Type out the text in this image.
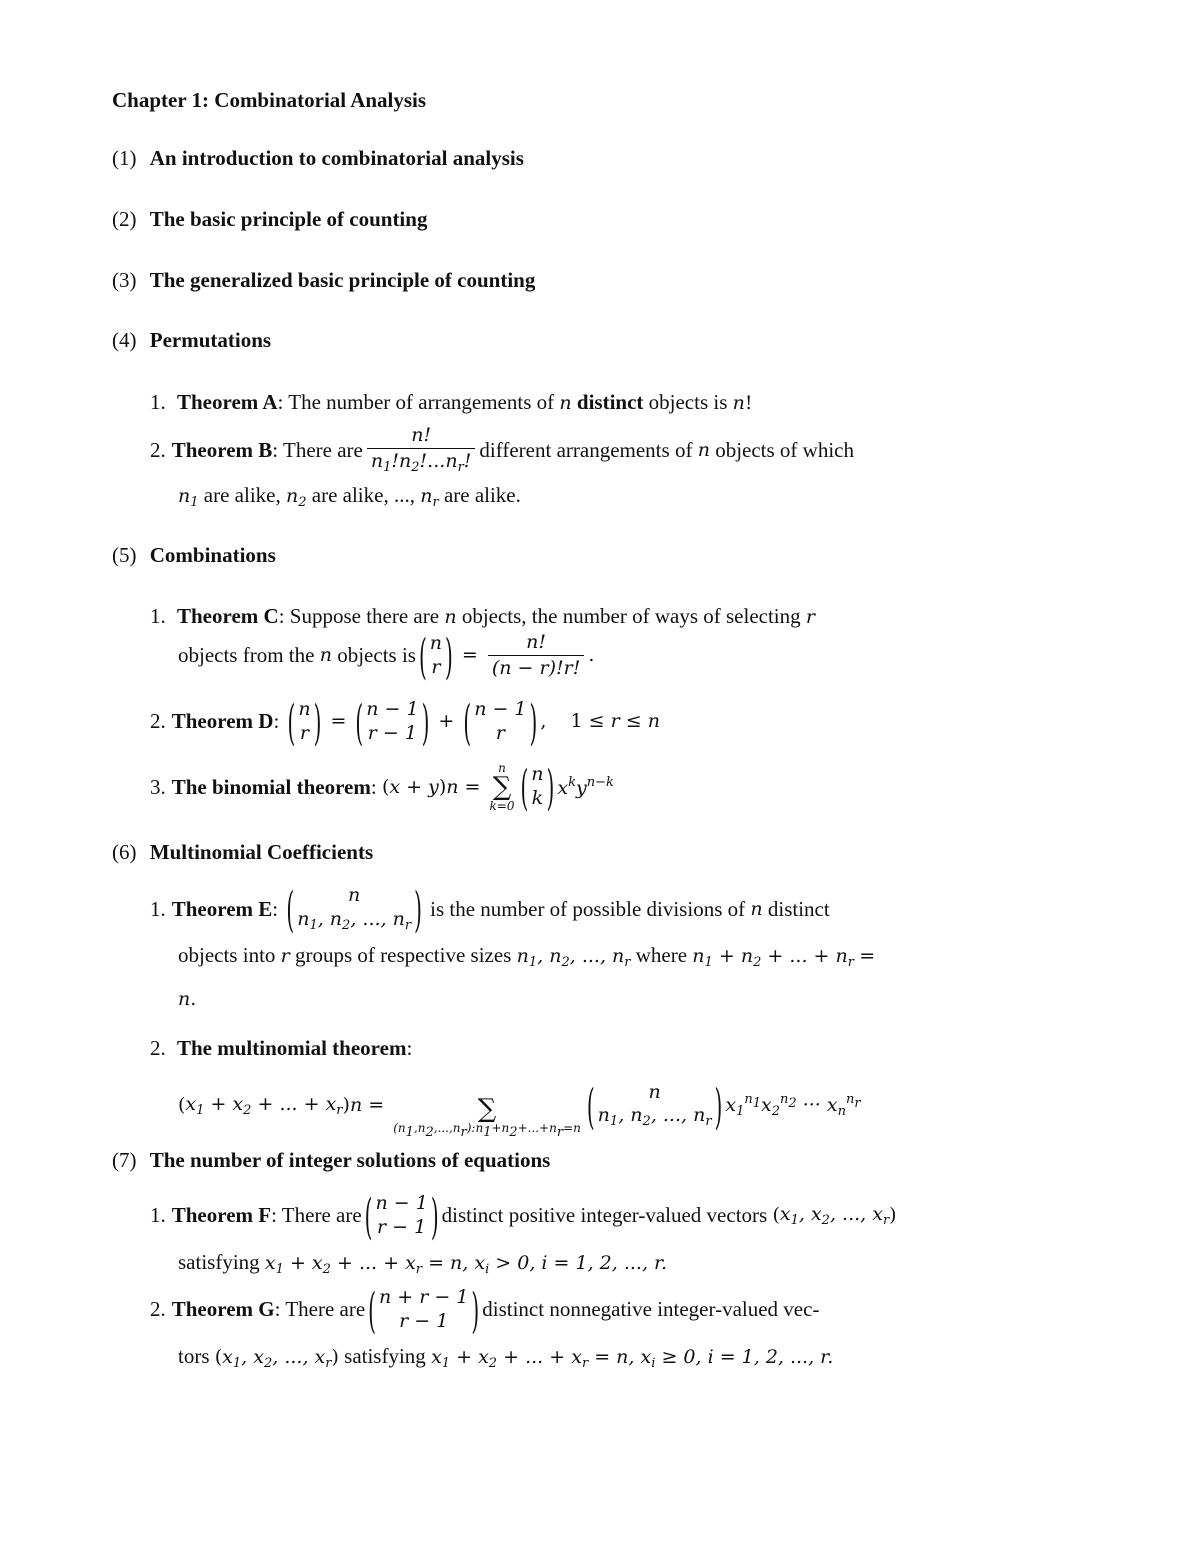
Chapter 1: Combinatorial Analysis
(1) An introduction to combinatorial analysis
(2) The basic principle of counting
(3) The generalized basic principle of counting
(4) Permutations
1. Theorem A: The number of arrangements of n distinct objects is n!
2. Theorem B : There are $\frac{n!}{n_1!n_2!...n_r!}$ different arrangements of
n
objects of which
$n_1$ are alike, $n_2$ are alike, ..., $n_r$ are alike.
(5) Combinations
1. Theorem C: Suppose there are n objects, the number of ways of selecting r
objects from the
n
objects is ( n
r ) = $\frac{n!}{(n - r)!r!}$ .
2. Theorem D :
( n
r ) = ( n − 1
r − 1 ) + ( n − 1
r ) ,    1 ≤ r ≤ n
3. The binomial theorem :
( x + y ) n =
n
∑
k=0 ( n
k ) $x^ky^{n-k}$
(6) Multinomial Coefficients
1. Theorem E :
(	n
$n_1$, $n_2$, ..., $n_r$ )
is the number of possible divisions of
n
distinct
objects into r groups of respective sizes $n_1$, $n_2$, ..., $n_r$ where $n_1 + n_2$ + ... + $n_r$ =
n.
2. The multinomial theorem:
( $x_1 + x_2$ + ... + $x_r$ ) n =	∑
$(n_1,n_2,...,n_r):n_1+n_2+...+n_r=n$ (	n
$n_1$, $n_2$, ..., $n_r$ ) $x_1^{n_1}x_2^{n_2}$ ··· $x_n^{n_r}$
(7) The number of integer solutions of equations
1. Theorem F : There are ( n − 1
r − 1 ) distinct positive integer-valued vectors
( $x_1$, $x_2$, ..., $x_r$ )
satisfying $x_1 + x_2$ + ... + $x_r = n$, $x_i > 0$, i = 1, 2, ..., r.
2. Theorem G : There are ( n + r − 1
r − 1 ) distinct nonnegative integer-valued vec-
tors ($x_1$, $x_2$, ..., $x_r$) satisfying $x_1 + x_2$ + ... + $x_r = n$, $x_i \ge 0$, i = 1, 2, ..., r.
